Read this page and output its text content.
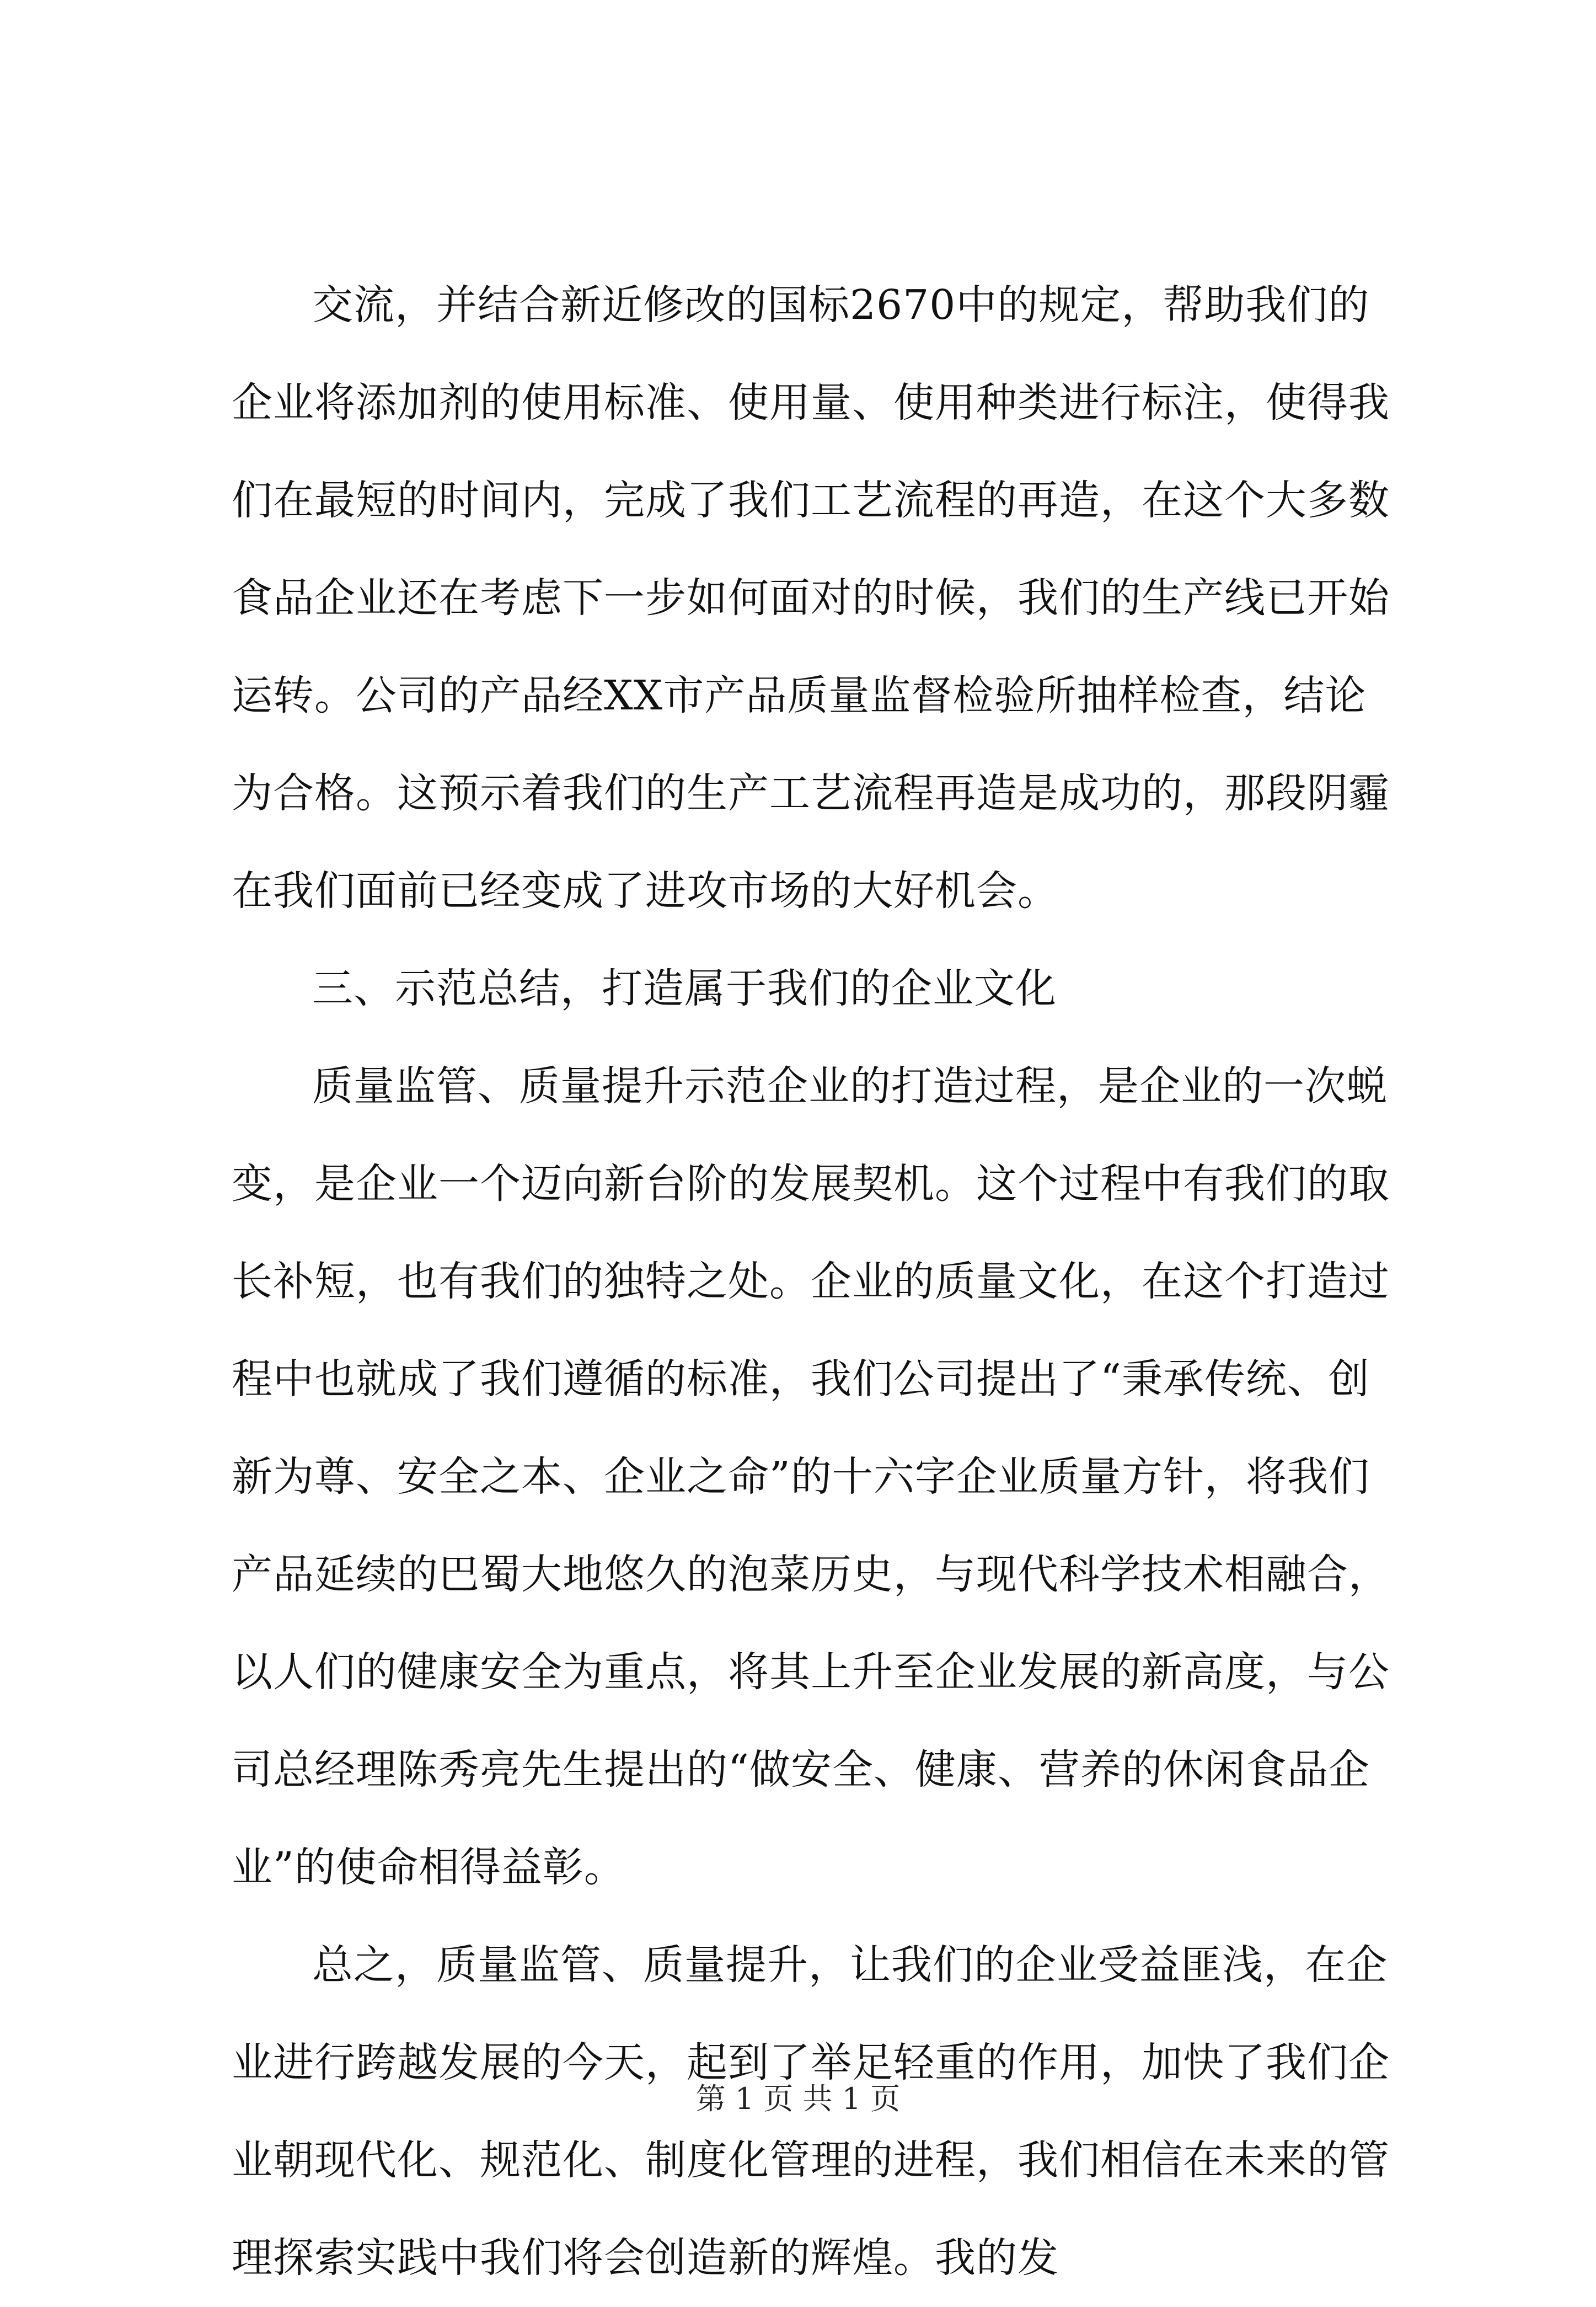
交流，并结合新近修改的国标2670中的规定，帮助我们的
企业将添加剂的使用标准、使用量、使用种类进行标注，使得我
们在最短的时间内，完成了我们工艺流程的再造，在这个大多数
食品企业还在考虑下一步如何面对的时候，我们的生产线已开始
运转。公司的产品经XX市产品质量监督检验所抽样检查，结论
为合格。这预示着我们的生产工艺流程再造是成功的，那段阴霾
在我们面前已经变成了进攻市场的大好机会。
三、示范总结，打造属于我们的企业文化
质量监管、质量提升示范企业的打造过程，是企业的一次蜕
变，是企业一个迈向新台阶的发展契机。这个过程中有我们的取
长补短，也有我们的独特之处。企业的质量文化，在这个打造过
程中也就成了我们遵循的标准，我们公司提出了“秉承传统、创
新为尊、安全之本、企业之命”的十六字企业质量方针，将我们
产品延续的巴蜀大地悠久的泡菜历史，与现代科学技术相融合，
以人们的健康安全为重点，将其上升至企业发展的新高度，与公
司总经理陈秀亮先生提出的“做安全、健康、营养的休闲食品企
业”的使命相得益彰。
总之，质量监管、质量提升，让我们的企业受益匪浅，在企
业进行跨越发展的今天，起到了举足轻重的作用，加快了我们企
业朝现代化、规范化、制度化管理的进程，我们相信在未来的管
理探索实践中我们将会创造新的辉煌。我的发
第 1 页 共 1 页
